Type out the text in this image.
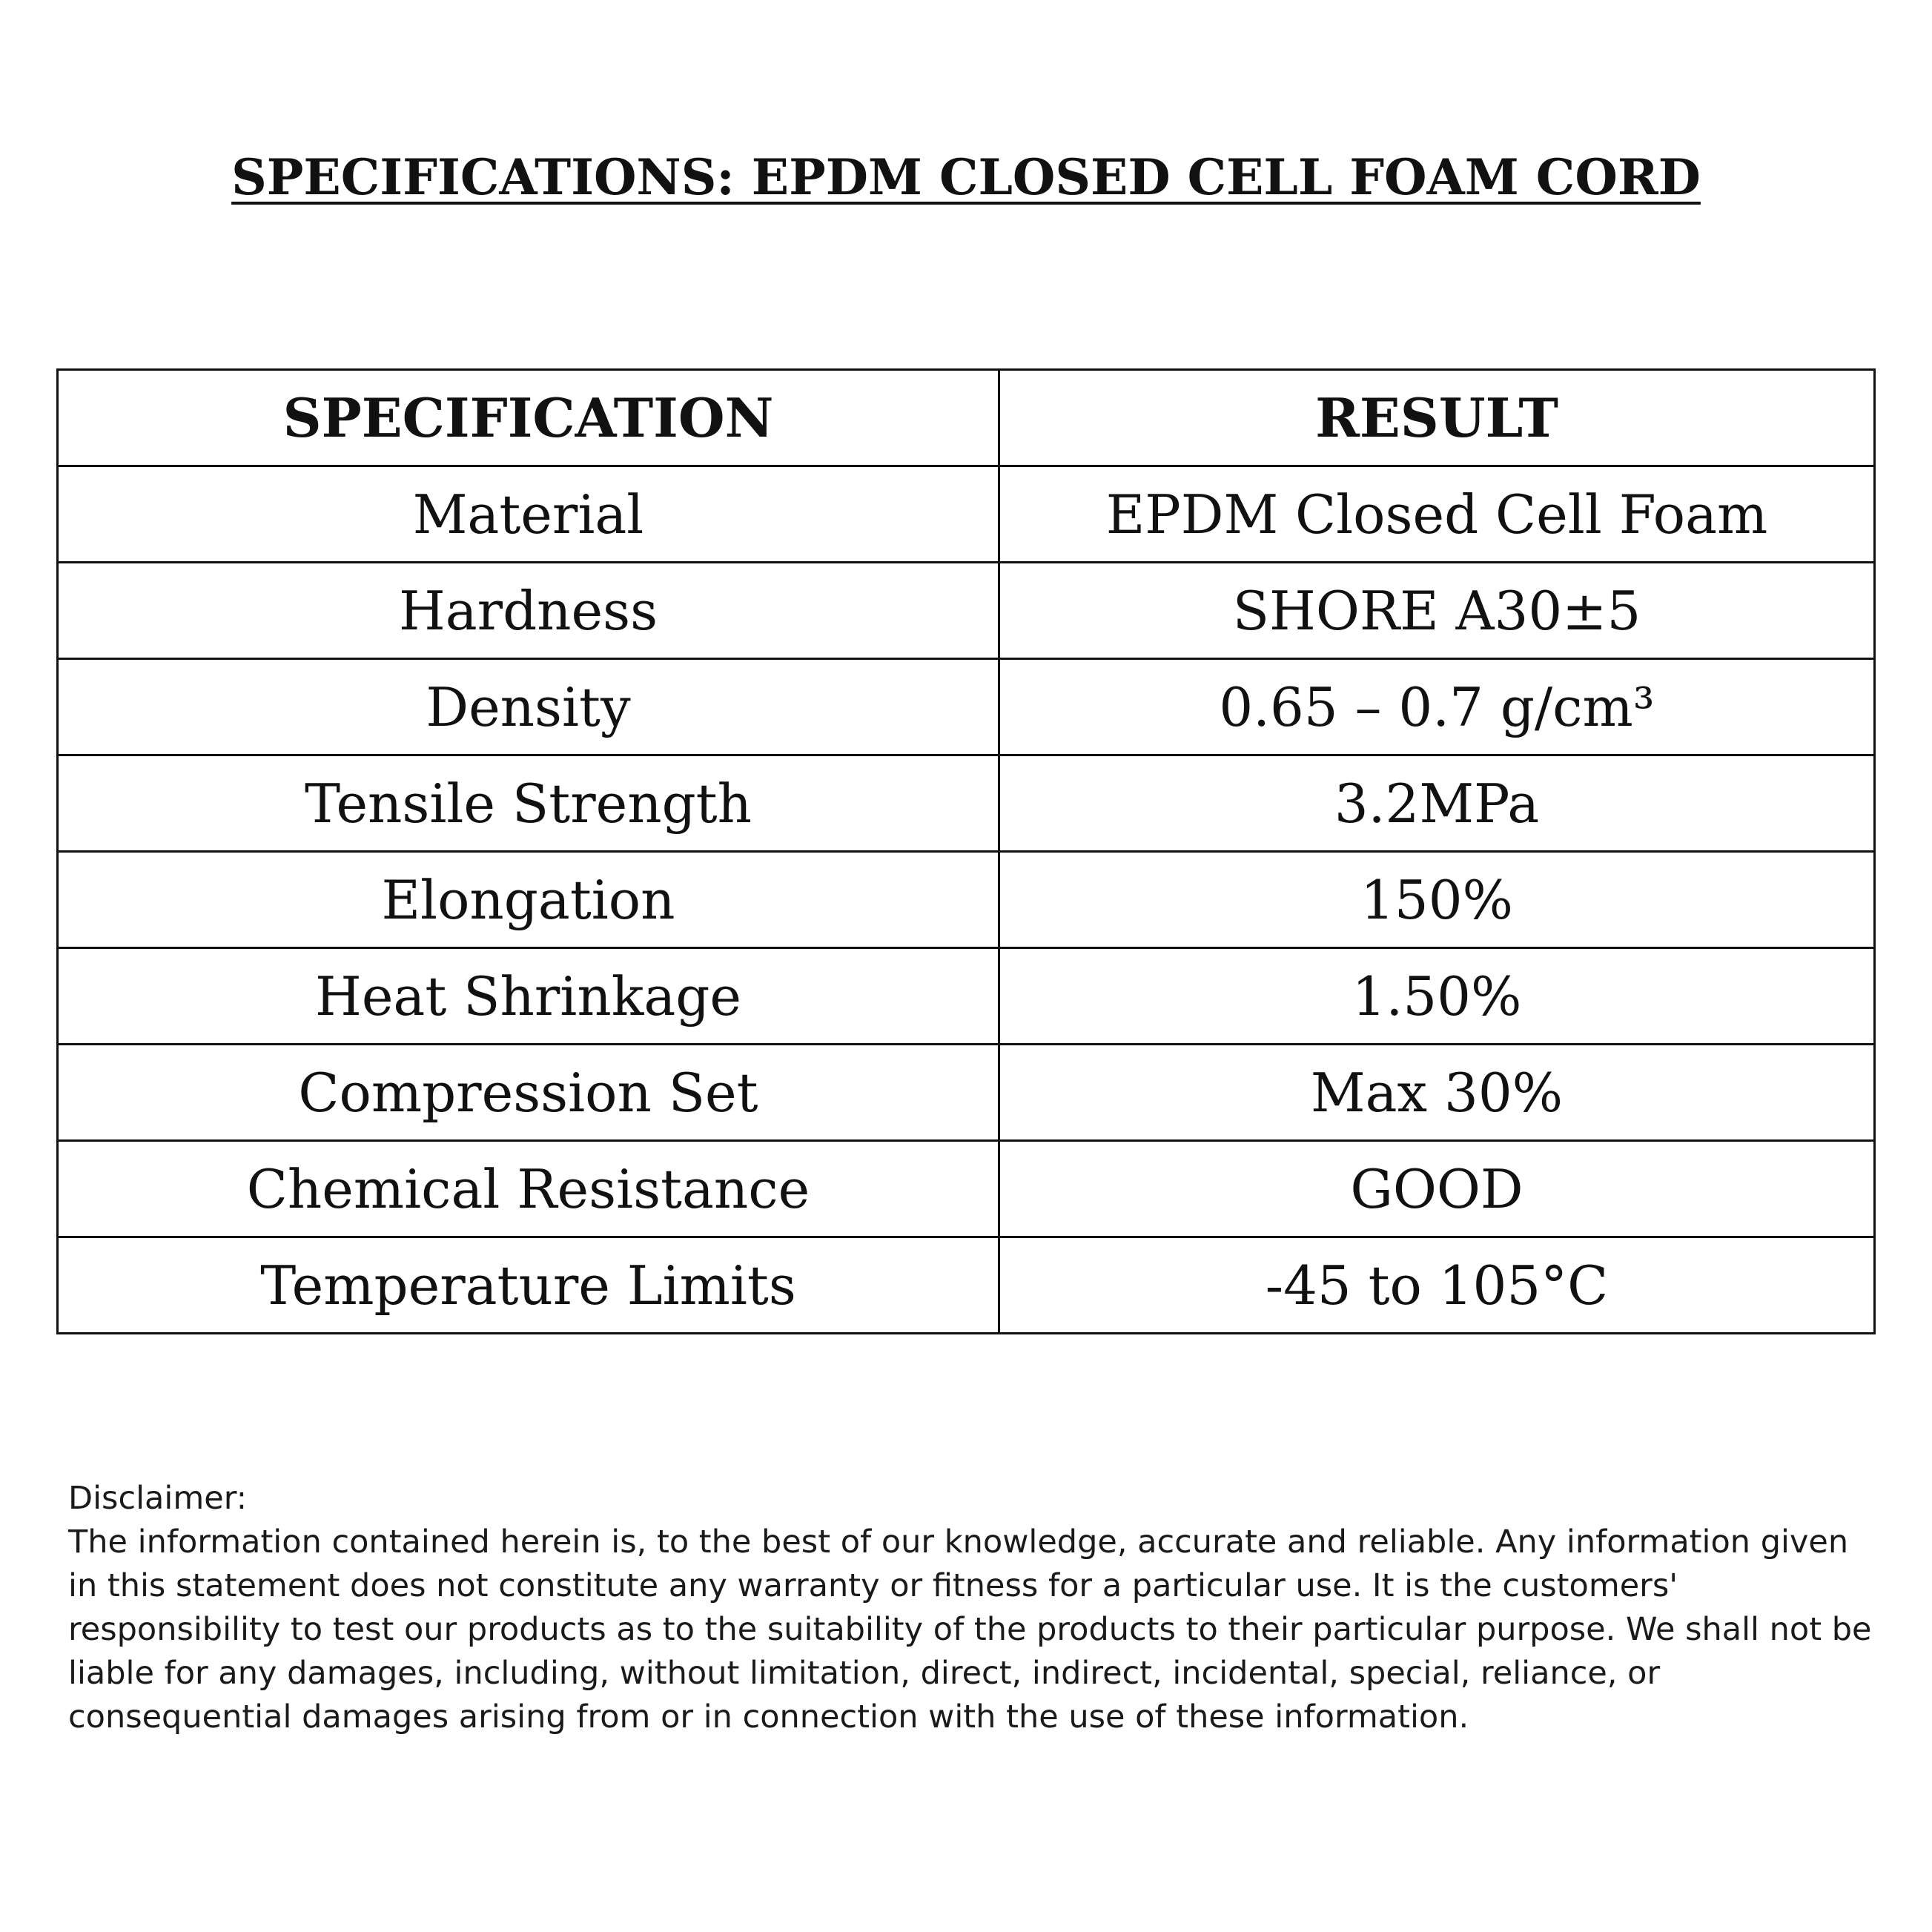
SPECIFICATIONS: EPDM CLOSED CELL FOAM CORD
SPECIFICATION	RESULT
Material	EPDM Closed Cell Foam
Hardness	SHORE A30±5
Density	0.65 – 0.7 g/cm³
Tensile Strength	3.2MPa
Elongation	150%
Heat Shrinkage	1.50%
Compression Set	Max 30%
Chemical Resistance	GOOD
Temperature Limits	-45 to 105°C

Disclaimer:

The information contained herein is, to the best of our knowledge, accurate and reliable. Any information given in this statement does not constitute any warranty or fitness for a particular use. It is the customers' responsibility to test our products as to the suitability of the products to their particular purpose. We shall not be liable for any damages, including, without limitation, direct, indirect, incidental, special, reliance, or consequential damages arising from or in connection with the use of these information.
